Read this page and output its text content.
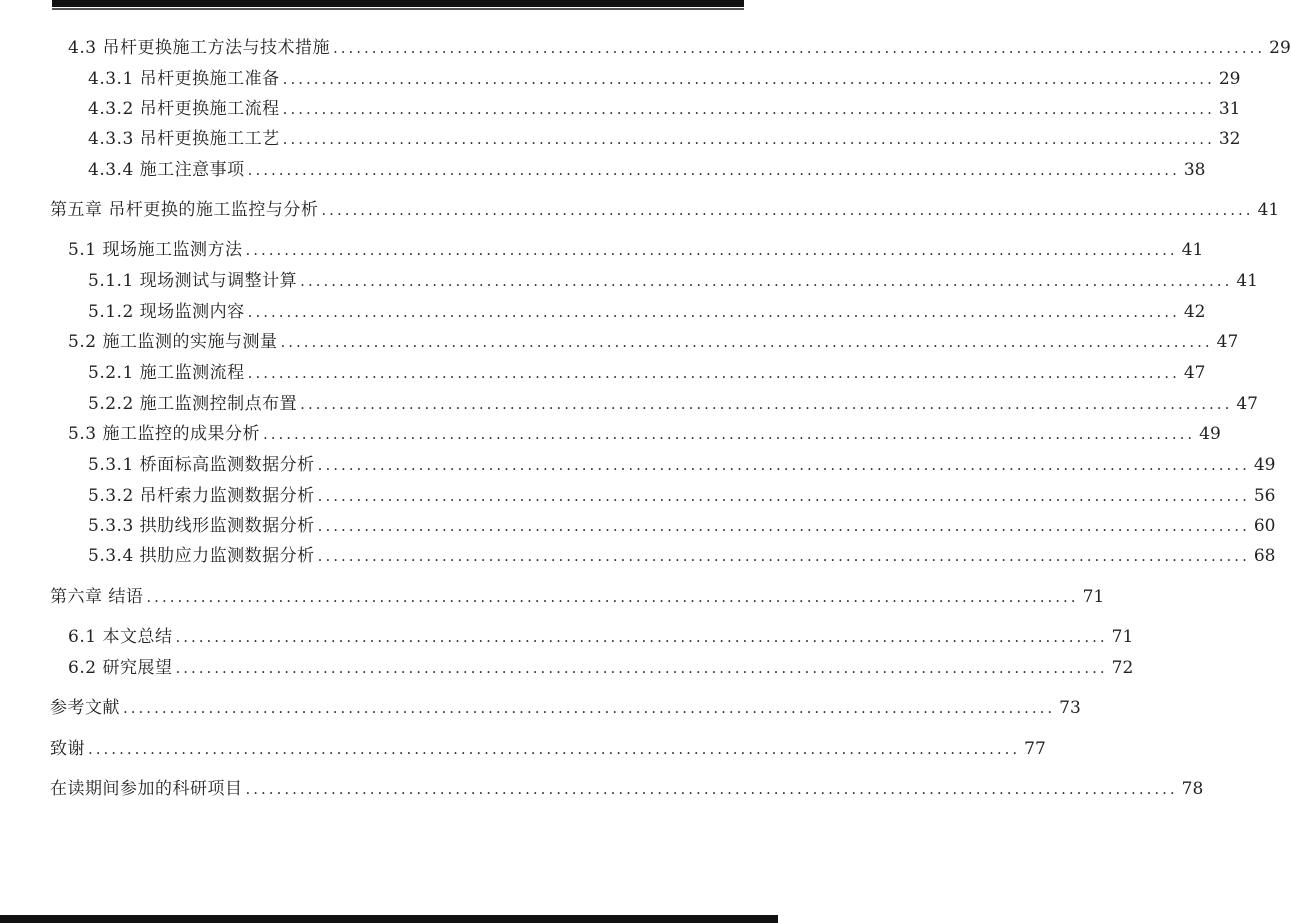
4.3 吊杆更换施工方法与技术措施 ........................................................................................................................ 29
4.3.1 吊杆更换施工准备 ........................................................................................................................ 29
4.3.2 吊杆更换施工流程 ........................................................................................................................ 31
4.3.3 吊杆更换施工工艺 ........................................................................................................................ 32
4.3.4 施工注意事项 ........................................................................................................................ 38
第五章 吊杆更换的施工监控与分析 ........................................................................................................................ 41
5.1 现场施工监测方法 ........................................................................................................................ 41
5.1.1 现场测试与调整计算 ........................................................................................................................ 41
5.1.2 现场监测内容 ........................................................................................................................ 42
5.2 施工监测的实施与测量 ........................................................................................................................ 47
5.2.1 施工监测流程 ........................................................................................................................ 47
5.2.2 施工监测控制点布置 ........................................................................................................................ 47
5.3 施工监控的成果分析 ........................................................................................................................ 49
5.3.1 桥面标高监测数据分析 ........................................................................................................................ 49
5.3.2 吊杆索力监测数据分析 ........................................................................................................................ 56
5.3.3 拱肋线形监测数据分析 ........................................................................................................................ 60
5.3.4 拱肋应力监测数据分析 ........................................................................................................................ 68
第六章 结语 ........................................................................................................................ 71
6.1 本文总结 ........................................................................................................................ 71
6.2 研究展望 ........................................................................................................................ 72
参考文献 ........................................................................................................................ 73
致谢 ........................................................................................................................ 77
在读期间参加的科研项目 ........................................................................................................................ 78
